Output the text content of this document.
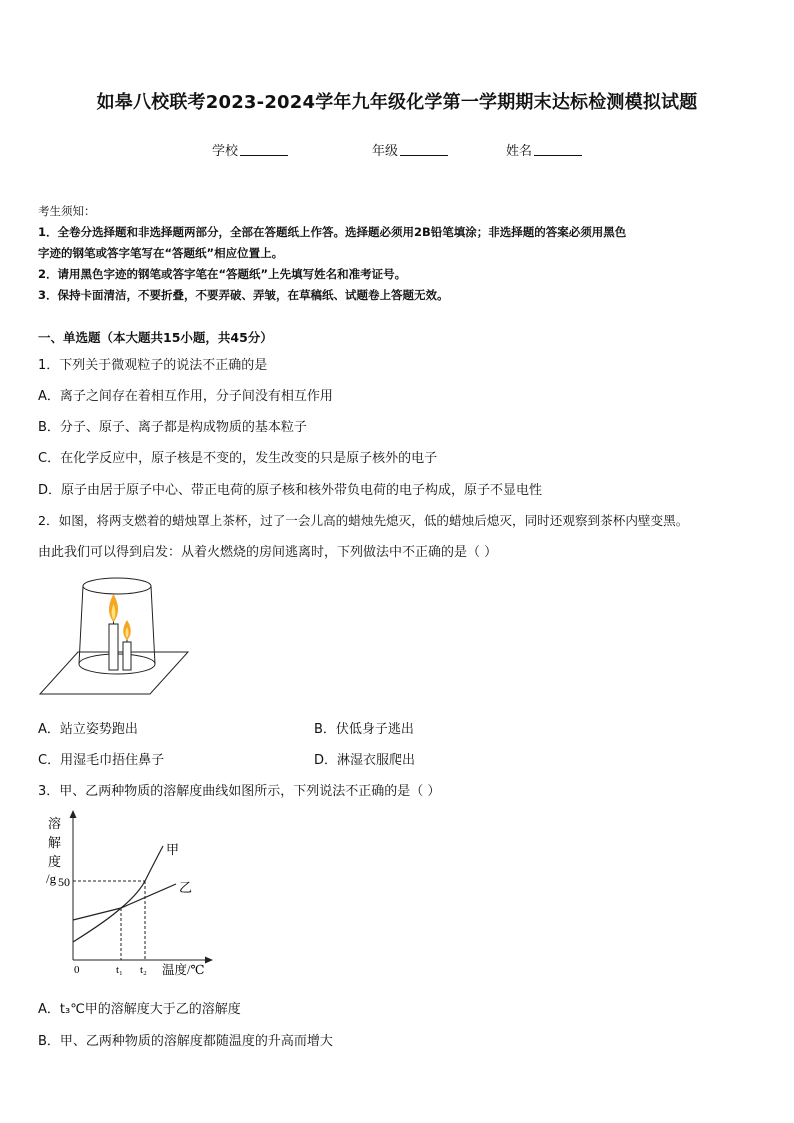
如皋八校联考2023-2024学年九年级化学第一学期期末达标检测模拟试题
学校	年级	姓名
考生须知：
1．全卷分选择题和非选择题两部分，全部在答题纸上作答。选择题必须用2B铅笔填涂；非选择题的答案必须用黑色
字迹的钢笔或答字笔写在“答题纸”相应位置上。
2．请用黑色字迹的钢笔或答字笔在“答题纸”上先填写姓名和准考证号。
3．保持卡面清洁，不要折叠，不要弄破、弄皱，在草稿纸、试题卷上答题无效。
一、单选题（本大题共15小题，共45分）
1．下列关于微观粒子的说法不正确的是
A．离子之间存在着相互作用，分子间没有相互作用
B．分子、原子、离子都是构成物质的基本粒子
C．在化学反应中，原子核是不变的，发生改变的只是原子核外的电子
D．原子由居于原子中心、带正电荷的原子核和核外带负电荷的电子构成，原子不显电性
2．如图，将两支燃着的蜡烛罩上茶杯，过了一会儿高的蜡烛先熄灭，低的蜡烛后熄灭，同时还观察到茶杯内壁变黑。
由此我们可以得到启发：从着火燃烧的房间逃离时，下列做法中不正确的是（ ）
A．站立姿势跑出	B．伏低身子逃出
C．用湿毛巾捂住鼻子	D．淋湿衣服爬出
3．甲、乙两种物质的溶解度曲线如图所示，下列说法不正确的是（ ）
溶
解
度
/g 50
甲
乙
0	t₁ t₂ 温度/℃
A．t₃℃甲的溶解度大于乙的溶解度
B．甲、乙两种物质的溶解度都随温度的升高而增大
